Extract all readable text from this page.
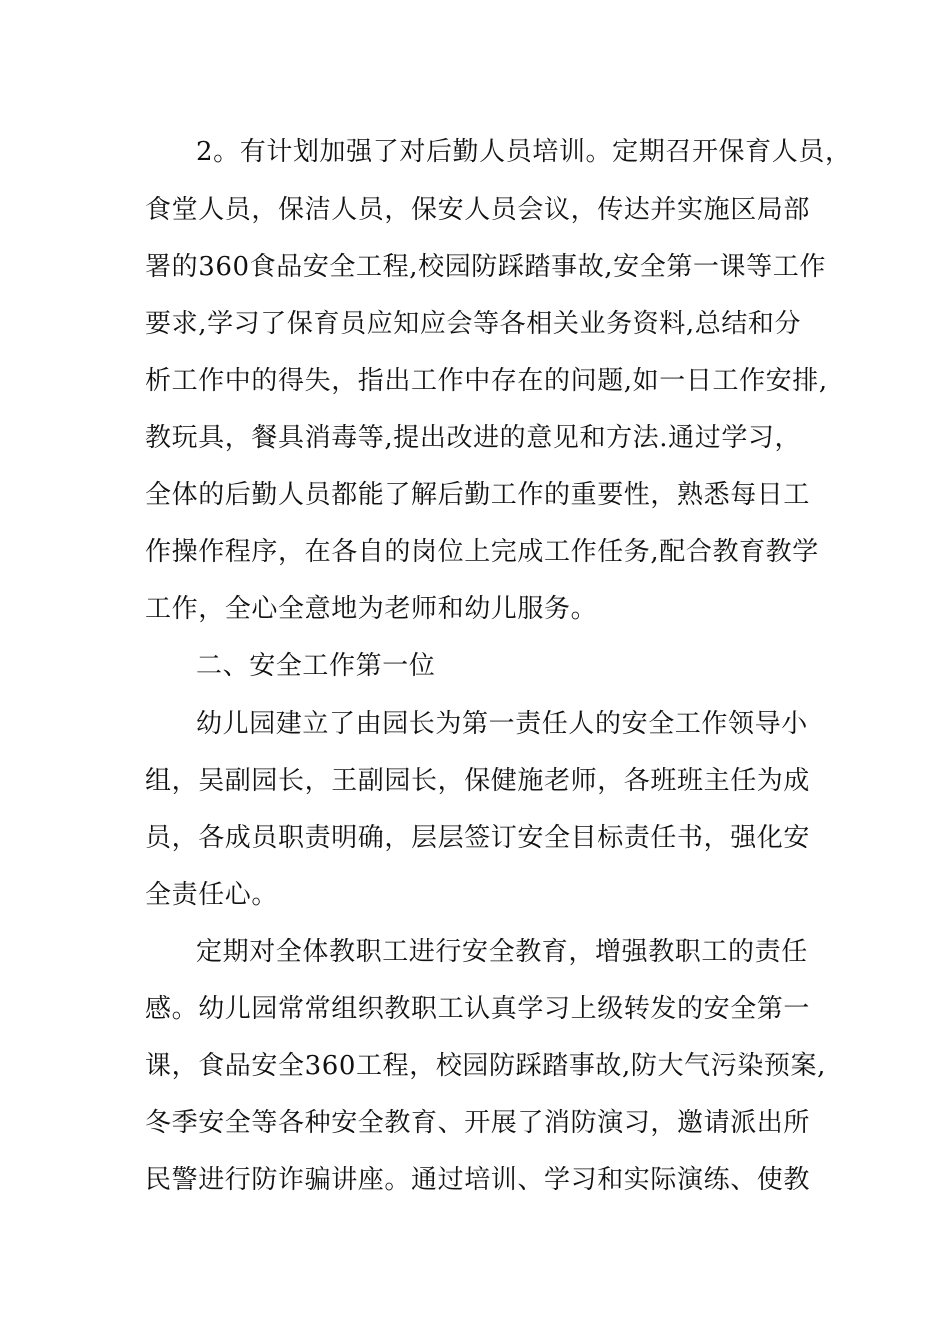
2。有计划加强了对后勤人员培训。定期召开保育人员，
食堂人员，保洁人员，保安人员会议，传达并实施区局部
署的360食品安全工程,校园防踩踏事故,安全第一课等工作
要求,学习了保育员应知应会等各相关业务资料,总结和分
析工作中的得失，指出工作中存在的问题,如一日工作安排,
教玩具，餐具消毒等,提出改进的意见和方法.通过学习，
全体的后勤人员都能了解后勤工作的重要性，熟悉每日工
作操作程序，在各自的岗位上完成工作任务,配合教育教学
工作，全心全意地为老师和幼儿服务。
二、安全工作第一位
幼儿园建立了由园长为第一责任人的安全工作领导小
组，吴副园长，王副园长，保健施老师，各班班主任为成
员，各成员职责明确，层层签订安全目标责任书，强化安
全责任心。
定期对全体教职工进行安全教育，增强教职工的责任
感。幼儿园常常组织教职工认真学习上级转发的安全第一
课，食品安全360工程，校园防踩踏事故,防大气污染预案,
冬季安全等各种安全教育、开展了消防演习，邀请派出所
民警进行防诈骗讲座。通过培训、学习和实际演练、使教
